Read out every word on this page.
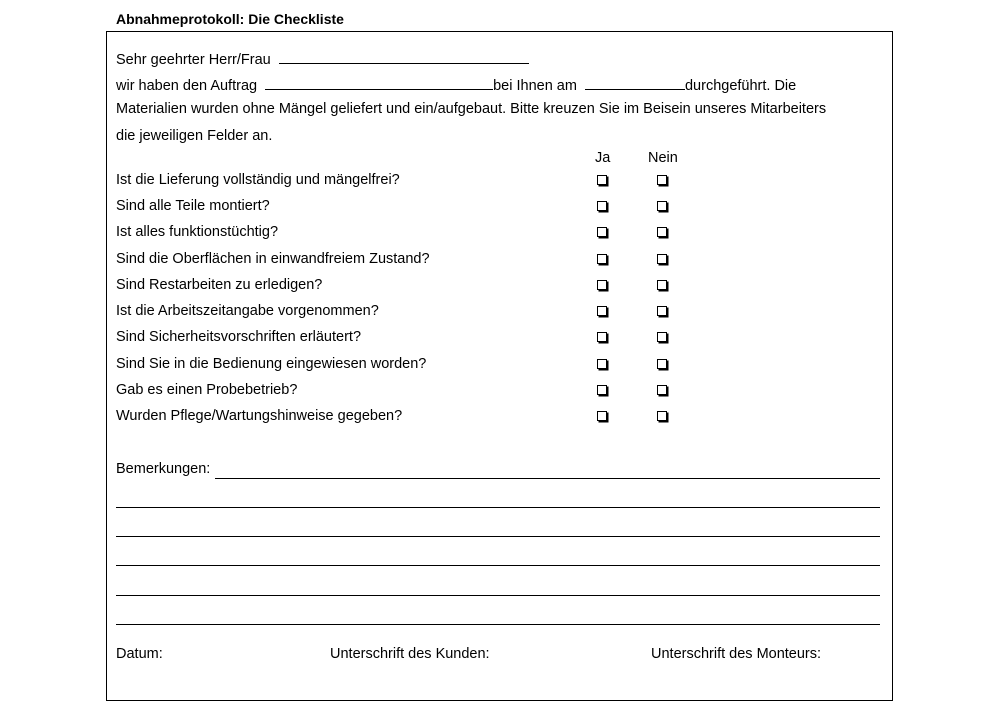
Abnahmeprotokoll: Die Checkliste
Sehr geehrter Herr/Frau
wir haben den Auftrag	bei Ihnen am	durchgeführt. Die
Materialien wurden ohne Mängel geliefert und ein/aufgebaut. Bitte kreuzen Sie im Beisein unseres Mitarbeiters
die jeweiligen Felder an.
Ja	Nein
Ist die Lieferung vollständig und mängelfrei?
Sind alle Teile montiert?
Ist alles funktionstüchtig?
Sind die Oberflächen in einwandfreiem Zustand?
Sind Restarbeiten zu erledigen?
Ist die Arbeitszeitangabe vorgenommen?
Sind Sicherheitsvorschriften erläutert?
Sind Sie in die Bedienung eingewiesen worden?
Gab es einen Probebetrieb?
Wurden Pflege/Wartungshinweise gegeben?
Bemerkungen:
Datum:	Unterschrift des Kunden:	Unterschrift des Monteurs:
